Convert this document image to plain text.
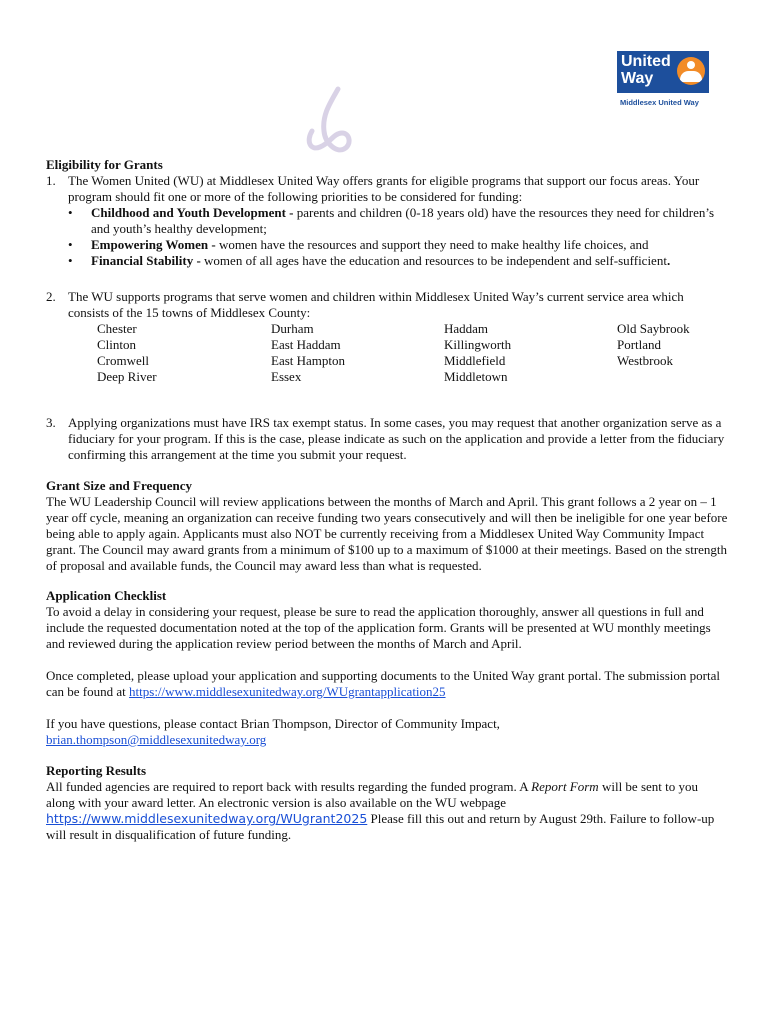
United
Way
Middlesex United Way

Eligibility for Grants

1. The Women United (WU) at Middlesex United Way offers grants for eligible programs that support our focus areas. Your program should fit one or more of the following priorities to be considered for funding:

• Childhood and Youth Development - parents and children (0-18 years old) have the resources they need for children’s and youth’s healthy development;
• Empowering Women - women have the resources and support they need to make healthy life choices, and
• Financial Stability - women of all ages have the education and resources to be independent and self-sufficient.
2. The WU supports programs that serve women and children within Middlesex United Way’s current service area which consists of the 15 towns of Middlesex County:

Chester
Clinton
Cromwell
Deep River
Durham
East Haddam
East Hampton
Essex
Haddam
Killingworth
Middlefield
Middletown
Old Saybrook
Portland
Westbrook
3. Applying organizations must have IRS tax exempt status. In some cases, you may request that another organization serve as a fiduciary for your program. If this is the case, please indicate as such on the application and provide a letter from the fiduciary confirming this arrangement at the time you submit your request.

Grant Size and Frequency

The WU Leadership Council will review applications between the months of March and April. This grant follows a 2 year on – 1 year off cycle, meaning an organization can receive funding two years consecutively and will then be ineligible for one year before being able to apply again. Applicants must also NOT be currently receiving from a Middlesex United Way Community Impact grant. The Council may award grants from a minimum of $100 up to a maximum of $1000 at their meetings. Based on the strength of proposal and available funds, the Council may award less than what is requested.

Application Checklist

To avoid a delay in considering your request, please be sure to read the application thoroughly, answer all questions in full and include the requested documentation noted at the top of the application form. Grants will be presented at WU monthly meetings and reviewed during the application review period between the months of March and April.

Once completed, please upload your application and supporting documents to the United Way grant portal. The submission portal can be found at https://www.middlesexunitedway.org/WUgrantapplication25

If you have questions, please contact Brian Thompson, Director of Community Impact,

brian.thompson@middlesexunitedway.org

Reporting Results

All funded agencies are required to report back with results regarding the funded program. A Report Form will be sent to you along with your award letter. An electronic version is also available on the WU webpage https://www.middlesexunitedway.org/WUgrant2025 Please fill this out and return by August 29th. Failure to follow-up will result in disqualification of future funding.
